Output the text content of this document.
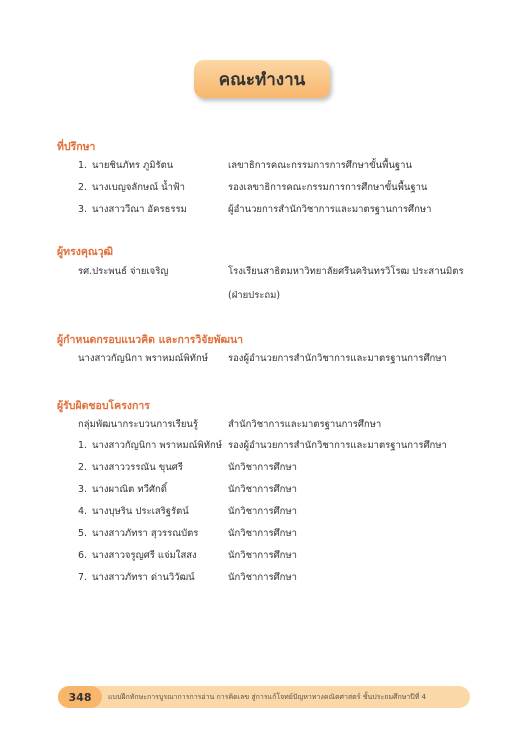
คณะทำงาน
ที่ปรึกษา
1. นายชินภัทร ภูมิรัตน	เลขาธิการคณะกรรมการการศึกษาขั้นพื้นฐาน
2. นางเบญจลักษณ์ น้ำฟ้า	รองเลขาธิการคณะกรรมการการศึกษาขั้นพื้นฐาน
3. นางสาววีณา อัครธรรม	ผู้อำนวยการสำนักวิชาการและมาตรฐานการศึกษา
ผู้ทรงคุณวุฒิ
รศ.ประพนธ์ จ่ายเจริญ	โรงเรียนสาธิตมหาวิทยาลัยศรีนครินทรวิโรฒ ประสานมิตร
(ฝ่ายประถม)
ผู้กำหนดกรอบแนวคิด และการวิจัยพัฒนา
นางสาวกัญนิกา พราหมณ์พิทักษ์ รองผู้อำนวยการสำนักวิชาการและมาตรฐานการศึกษา
ผู้รับผิดชอบโครงการ
กลุ่มพัฒนากระบวนการเรียนรู้	สำนักวิชาการและมาตรฐานการศึกษา
1. นางสาวกัญนิกา พราหมณ์พิทักษ์ รองผู้อำนวยการสำนักวิชาการและมาตรฐานการศึกษา
2. นางสาววรรณัน ขุนศรี	นักวิชาการศึกษา
3. นางผาณิต ทวีศักดิ์	นักวิชาการศึกษา
4. นางบุษริน ประเสริฐรัตน์	นักวิชาการศึกษา
5. นางสาวภัทรา สุวรรณบัตร	นักวิชาการศึกษา
6. นางสาวจรูญศรี แจ่มใสสง	นักวิชาการศึกษา
7. นางสาวภัทรา ด่านวิวัฒน์	นักวิชาการศึกษา
348	แบบฝึกทักษะการบูรณาการการอ่าน การคิดเลข สู่การแก้โจทย์ปัญหาทางคณิตศาสตร์ ชั้นประถมศึกษาปีที่ 4
